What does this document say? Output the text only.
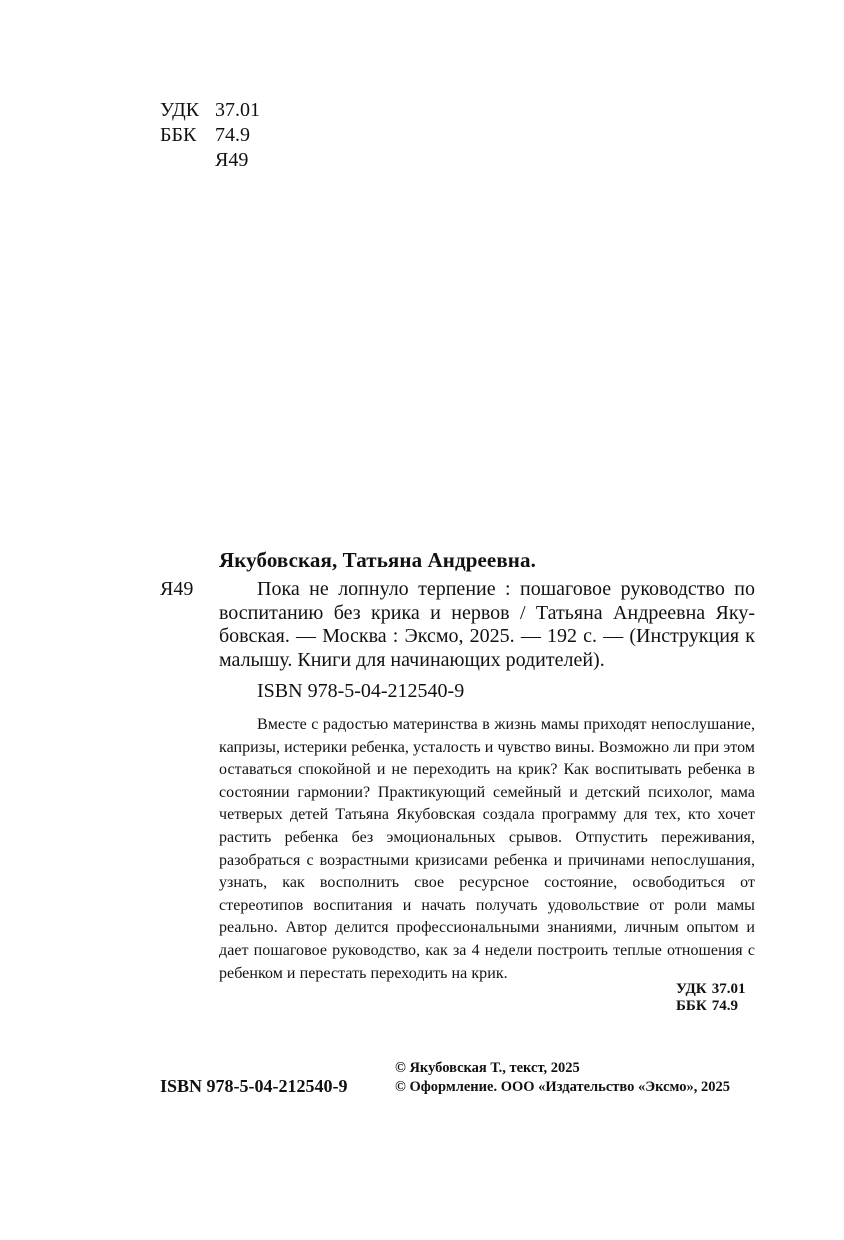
УДК 37.01
ББК 74.9
Я49
Якубовская, Татьяна Андреевна.
Я49	Пока не лопнуло терпение : пошаговое руководство по воспитанию без крика и нервов / Татьяна Андреевна Якубовская. — Москва : Эксмо, 2025. — 192 с. — (Инструкция к малышу. Книги для начинающих родителей).
ISBN 978-5-04-212540-9
Вместе с радостью материнства в жизнь мамы приходят непослушание, капризы, истерики ребенка, усталость и чувство вины. Возможно ли при этом оставаться спокойной и не переходить на крик? Как воспитывать ребенка в состоянии гармонии? Практикующий семейный и детский психолог, мама четверых детей Татьяна Якубовская создала программу для тех, кто хочет растить ребенка без эмоциональных срывов. Отпустить переживания, разобраться с возрастными кризисами ребенка и причинами непослушания, узнать, как восполнить свое ресурсное состояние, освободиться от стереотипов воспитания и начать получать удовольствие от роли мамы реально. Автор делится профессиональными знаниями, личным опытом и дает пошаговое руководство, как за 4 недели построить теплые отношения с ребенком и перестать переходить на крик.
УДК 37.01
ББК 74.9
ISBN 978-5-04-212540-9
© Якубовская Т., текст, 2025
© Оформление. ООО «Издательство «Эксмо», 2025
